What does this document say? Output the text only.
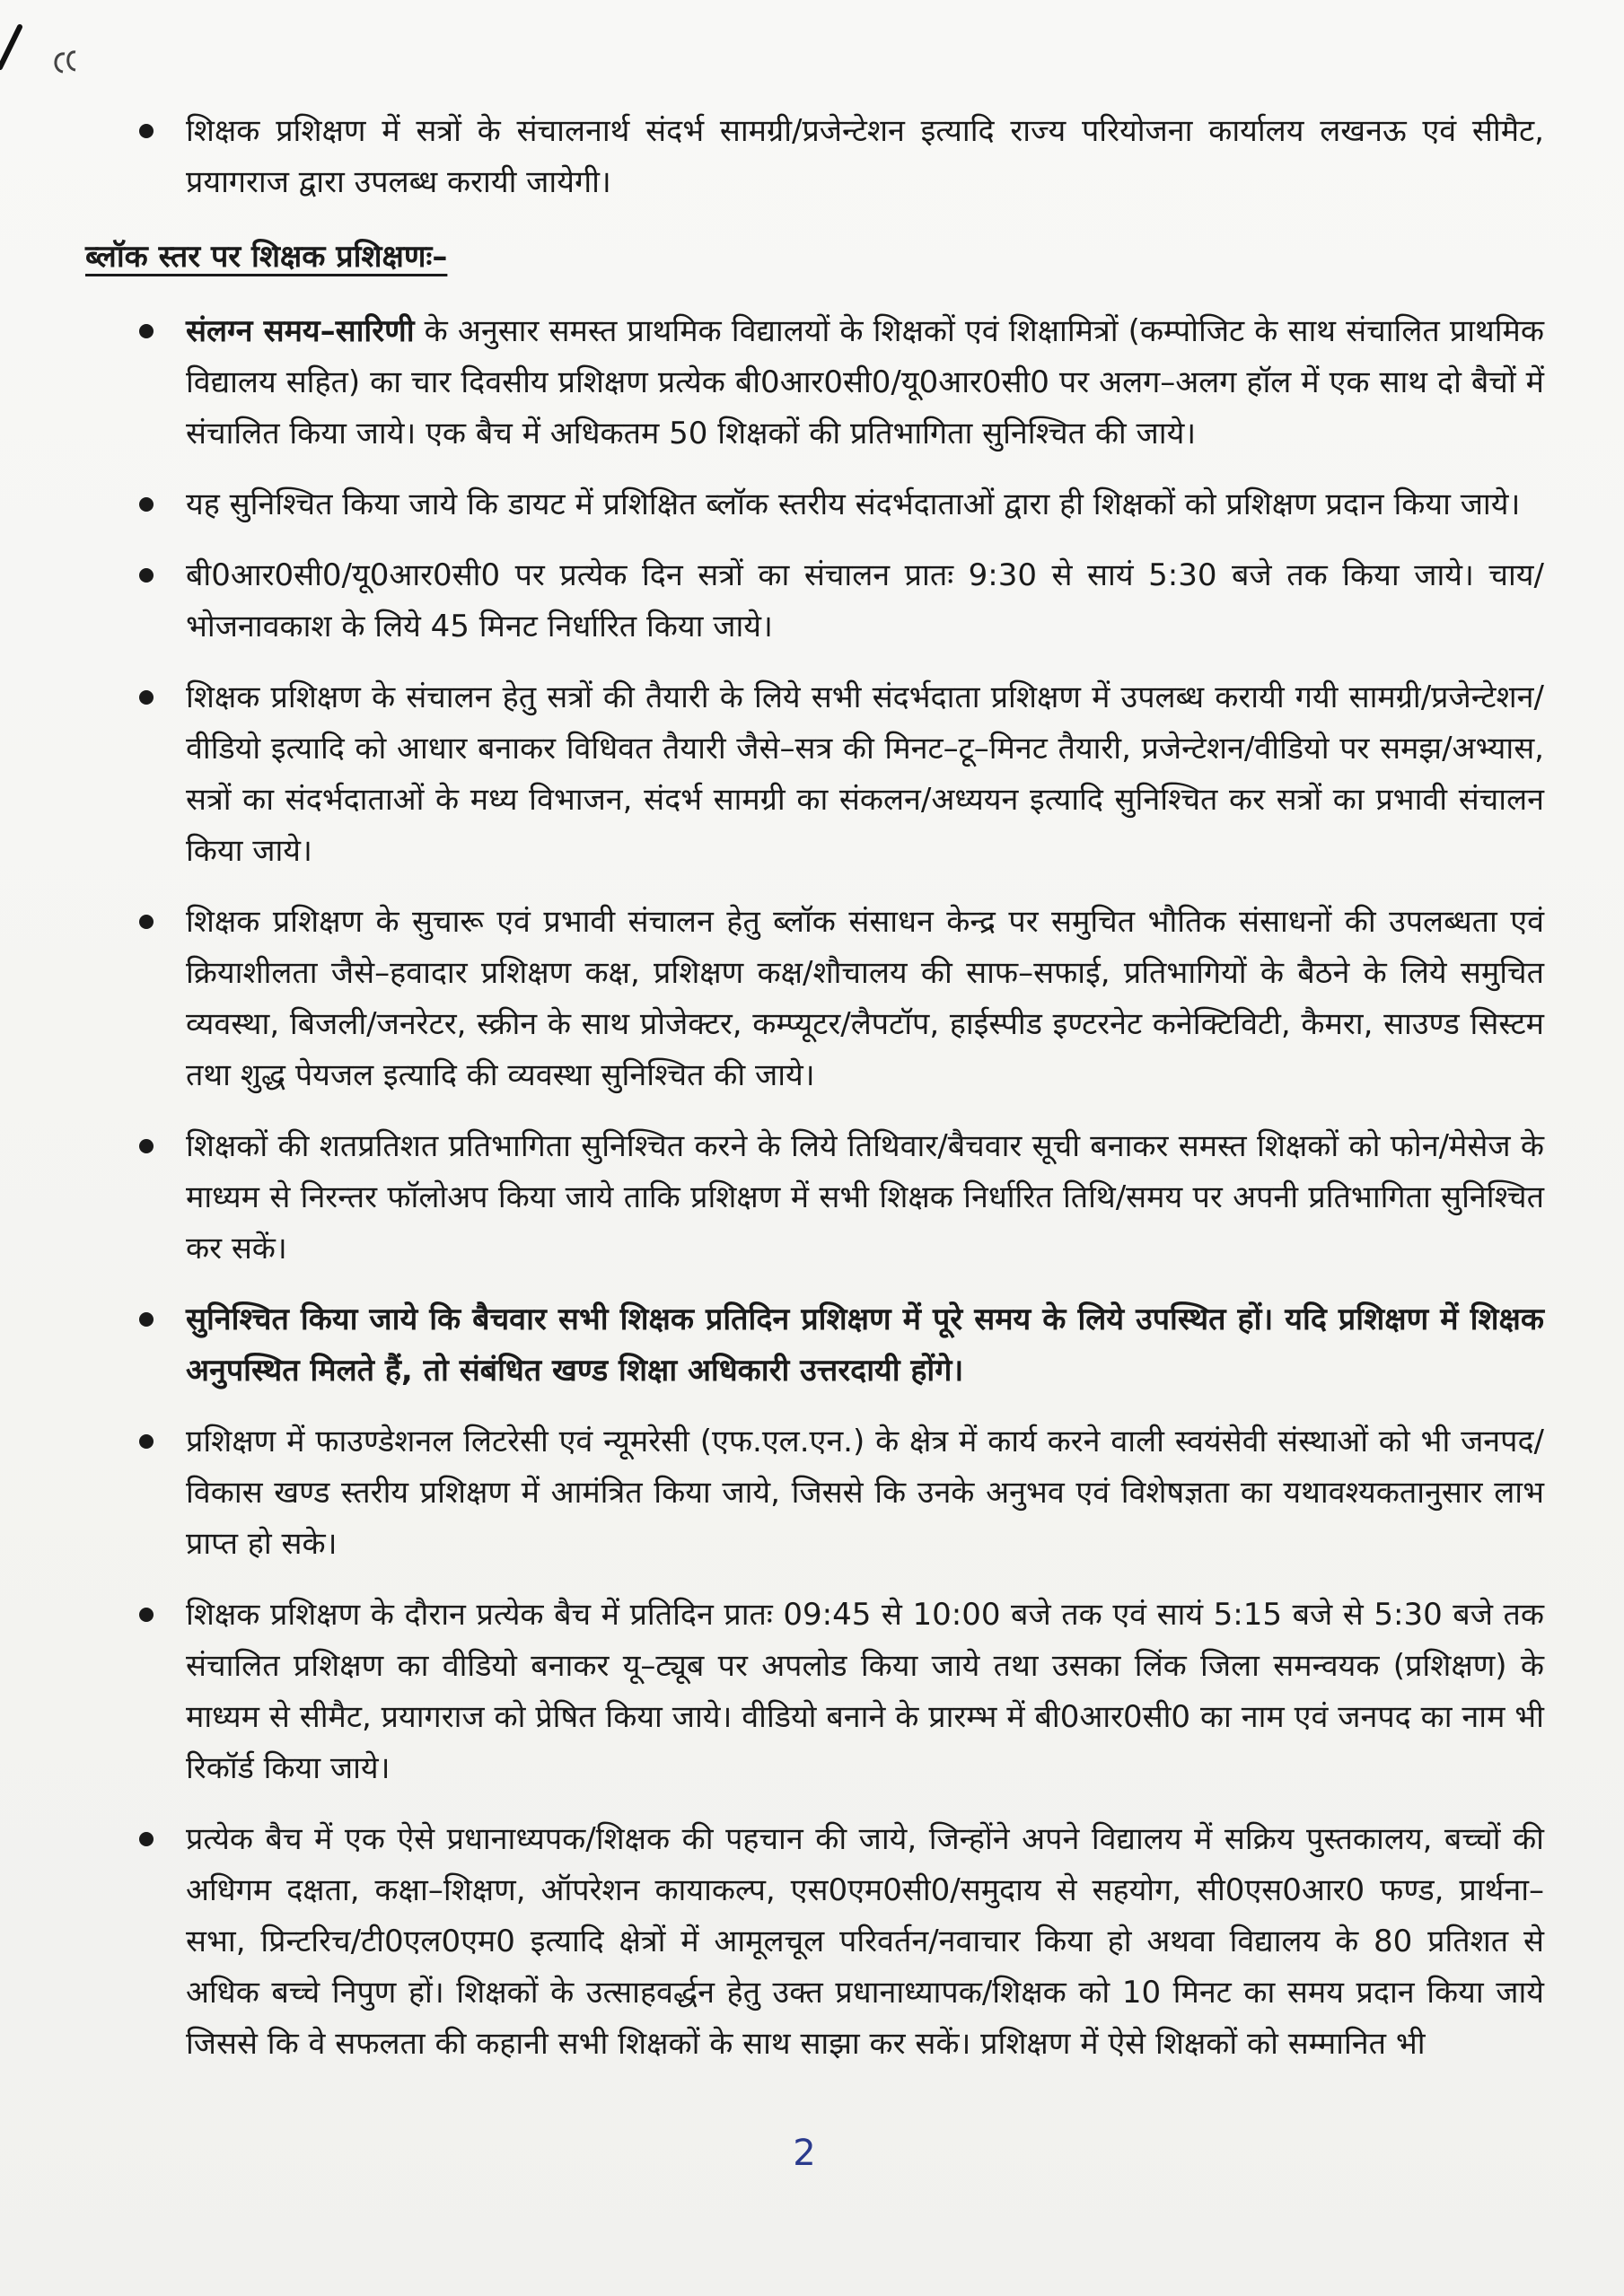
शिक्षक प्रशिक्षण में सत्रों के संचालनार्थ संदर्भ सामग्री/प्रजेन्टेशन इत्यादि राज्य परियोजना कार्यालय लखनऊ एवं सीमैट, प्रयागराज द्वारा उपलब्ध करायी जायेगी।
ब्लॉक स्तर पर शिक्षक प्रशिक्षणः–
संलग्न समय–सारिणी के अनुसार समस्त प्राथमिक विद्यालयों के शिक्षकों एवं शिक्षामित्रों (कम्पोजिट के साथ संचालित प्राथमिक विद्यालय सहित) का चार दिवसीय प्रशिक्षण प्रत्येक बी0आर0सी0/यू0आर0सी0 पर अलग–अलग हॉल में एक साथ दो बैचों में संचालित किया जाये। एक बैच में अधिकतम 50 शिक्षकों की प्रतिभागिता सुनिश्चित की जाये।
यह सुनिश्चित किया जाये कि डायट में प्रशिक्षित ब्लॉक स्तरीय संदर्भदाताओं द्वारा ही शिक्षकों को प्रशिक्षण प्रदान किया जाये।
बी0आर0सी0/यू0आर0सी0 पर प्रत्येक दिन सत्रों का संचालन प्रातः 9:30 से सायं 5:30 बजे तक किया जाये। चाय/भोजनावकाश के लिये 45 मिनट निर्धारित किया जाये।
शिक्षक प्रशिक्षण के संचालन हेतु सत्रों की तैयारी के लिये सभी संदर्भदाता प्रशिक्षण में उपलब्ध करायी गयी सामग्री/प्रजेन्टेशन/वीडियो इत्यादि को आधार बनाकर विधिवत तैयारी जैसे–सत्र की मिनट–टू–मिनट तैयारी, प्रजेन्टेशन/वीडियो पर समझ/अभ्यास, सत्रों का संदर्भदाताओं के मध्य विभाजन, संदर्भ सामग्री का संकलन/अध्ययन इत्यादि सुनिश्चित कर सत्रों का प्रभावी संचालन किया जाये।
शिक्षक प्रशिक्षण के सुचारू एवं प्रभावी संचालन हेतु ब्लॉक संसाधन केन्द्र पर समुचित भौतिक संसाधनों की उपलब्धता एवं क्रियाशीलता जैसे–हवादार प्रशिक्षण कक्ष, प्रशिक्षण कक्ष/शौचालय की साफ–सफाई, प्रतिभागियों के बैठने के लिये समुचित व्यवस्था, बिजली/जनरेटर, स्क्रीन के साथ प्रोजेक्टर, कम्प्यूटर/लैपटॉप, हाईस्पीड इण्टरनेट कनेक्टिविटी, कैमरा, साउण्ड सिस्टम तथा शुद्ध पेयजल इत्यादि की व्यवस्था सुनिश्चित की जाये।
शिक्षकों की शतप्रतिशत प्रतिभागिता सुनिश्चित करने के लिये तिथिवार/बैचवार सूची बनाकर समस्त शिक्षकों को फोन/मेसेज के माध्यम से निरन्तर फॉलोअप किया जाये ताकि प्रशिक्षण में सभी शिक्षक निर्धारित तिथि/समय पर अपनी प्रतिभागिता सुनिश्चित कर सकें।
सुनिश्चित किया जाये कि बैचवार सभी शिक्षक प्रतिदिन प्रशिक्षण में पूरे समय के लिये उपस्थित हों। यदि प्रशिक्षण में शिक्षक अनुपस्थित मिलते हैं, तो संबंधित खण्ड शिक्षा अधिकारी उत्तरदायी होंगे।
प्रशिक्षण में फाउण्डेशनल लिटरेसी एवं न्यूमरेसी (एफ.एल.एन.) के क्षेत्र में कार्य करने वाली स्वयंसेवी संस्थाओं को भी जनपद/विकास खण्ड स्तरीय प्रशिक्षण में आमंत्रित किया जाये, जिससे कि उनके अनुभव एवं विशेषज्ञता का यथावश्यकतानुसार लाभ प्राप्त हो सके।
शिक्षक प्रशिक्षण के दौरान प्रत्येक बैच में प्रतिदिन प्रातः 09:45 से 10:00 बजे तक एवं सायं 5:15 बजे से 5:30 बजे तक संचालित प्रशिक्षण का वीडियो बनाकर यू–ट्यूब पर अपलोड किया जाये तथा उसका लिंक जिला समन्वयक (प्रशिक्षण) के माध्यम से सीमैट, प्रयागराज को प्रेषित किया जाये। वीडियो बनाने के प्रारम्भ में बी0आर0सी0 का नाम एवं जनपद का नाम भी रिकॉर्ड किया जाये।
प्रत्येक बैच में एक ऐसे प्रधानाध्यपक/शिक्षक की पहचान की जाये, जिन्होंने अपने विद्यालय में सक्रिय पुस्तकालय, बच्चों की अधिगम दक्षता, कक्षा–शिक्षण, ऑपरेशन कायाकल्प, एस0एम0सी0/समुदाय से सहयोग, सी0एस0आर0 फण्ड, प्रार्थना–सभा, प्रिन्टरिच/टी0एल0एम0 इत्यादि क्षेत्रों में आमूलचूल परिवर्तन/नवाचार किया हो अथवा विद्यालय के 80 प्रतिशत से अधिक बच्चे निपुण हों। शिक्षकों के उत्साहवर्द्धन हेतु उक्त प्रधानाध्यापक/शिक्षक को 10 मिनट का समय प्रदान किया जाये जिससे कि वे सफलता की कहानी सभी शिक्षकों के साथ साझा कर सकें। प्रशिक्षण में ऐसे शिक्षकों को सम्मानित भी
2
